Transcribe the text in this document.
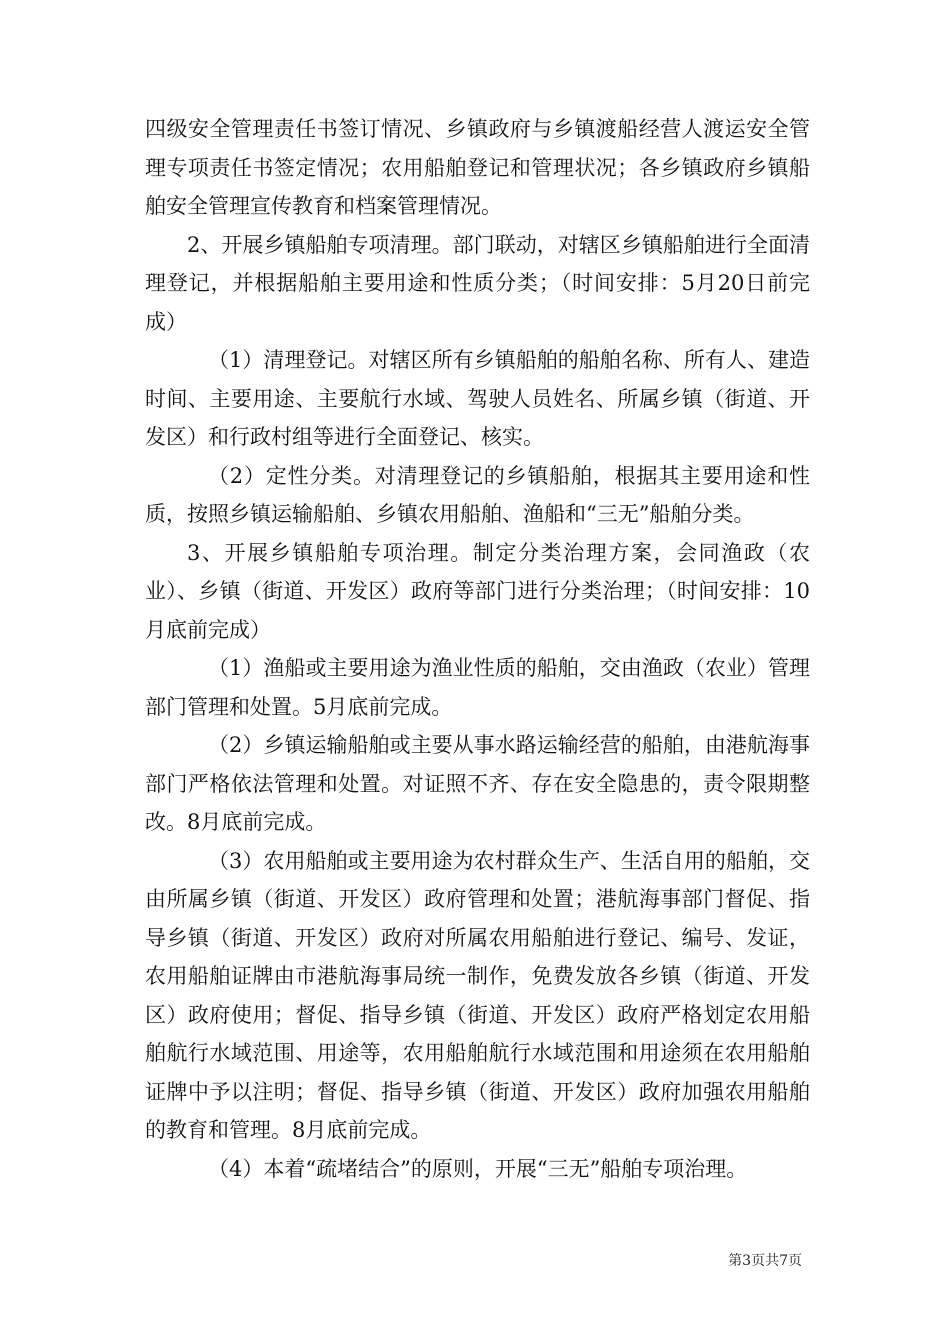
四级安全管理责任书签订情况、乡镇政府与乡镇渡船经营人渡运安全管理专项责任书签定情况；农用船舶登记和管理状况；各乡镇政府乡镇船舶安全管理宣传教育和档案管理情况。

2、开展乡镇船舶专项清理。部门联动，对辖区乡镇船舶进行全面清理登记，并根据船舶主要用途和性质分类；（时间安排：5月20日前完成）

（1）清理登记。对辖区所有乡镇船舶的船舶名称、所有人、建造时间、主要用途、主要航行水域、驾驶人员姓名、所属乡镇（街道、开发区）和行政村组等进行全面登记、核实。

（2）定性分类。对清理登记的乡镇船舶，根据其主要用途和性质，按照乡镇运输船舶、乡镇农用船舶、渔船和“三无”船舶分类。

3、开展乡镇船舶专项治理。制定分类治理方案，会同渔政（农业）、乡镇（街道、开发区）政府等部门进行分类治理；（时间安排：10月底前完成）

（1）渔船或主要用途为渔业性质的船舶，交由渔政（农业）管理部门管理和处置。5月底前完成。

（2）乡镇运输船舶或主要从事水路运输经营的船舶，由港航海事部门严格依法管理和处置。对证照不齐、存在安全隐患的，责令限期整改。8月底前完成。

（3）农用船舶或主要用途为农村群众生产、生活自用的船舶，交由所属乡镇（街道、开发区）政府管理和处置；港航海事部门督促、指导乡镇（街道、开发区）政府对所属农用船舶进行登记、编号、发证，农用船舶证牌由市港航海事局统一制作，免费发放各乡镇（街道、开发区）政府使用；督促、指导乡镇（街道、开发区）政府严格划定农用船舶航行水域范围、用途等，农用船舶航行水域范围和用途须在农用船舶证牌中予以注明；督促、指导乡镇（街道、开发区）政府加强农用船舶的教育和管理。8月底前完成。

（4）本着“疏堵结合”的原则，开展“三无”船舶专项治理。

第3页共7页
